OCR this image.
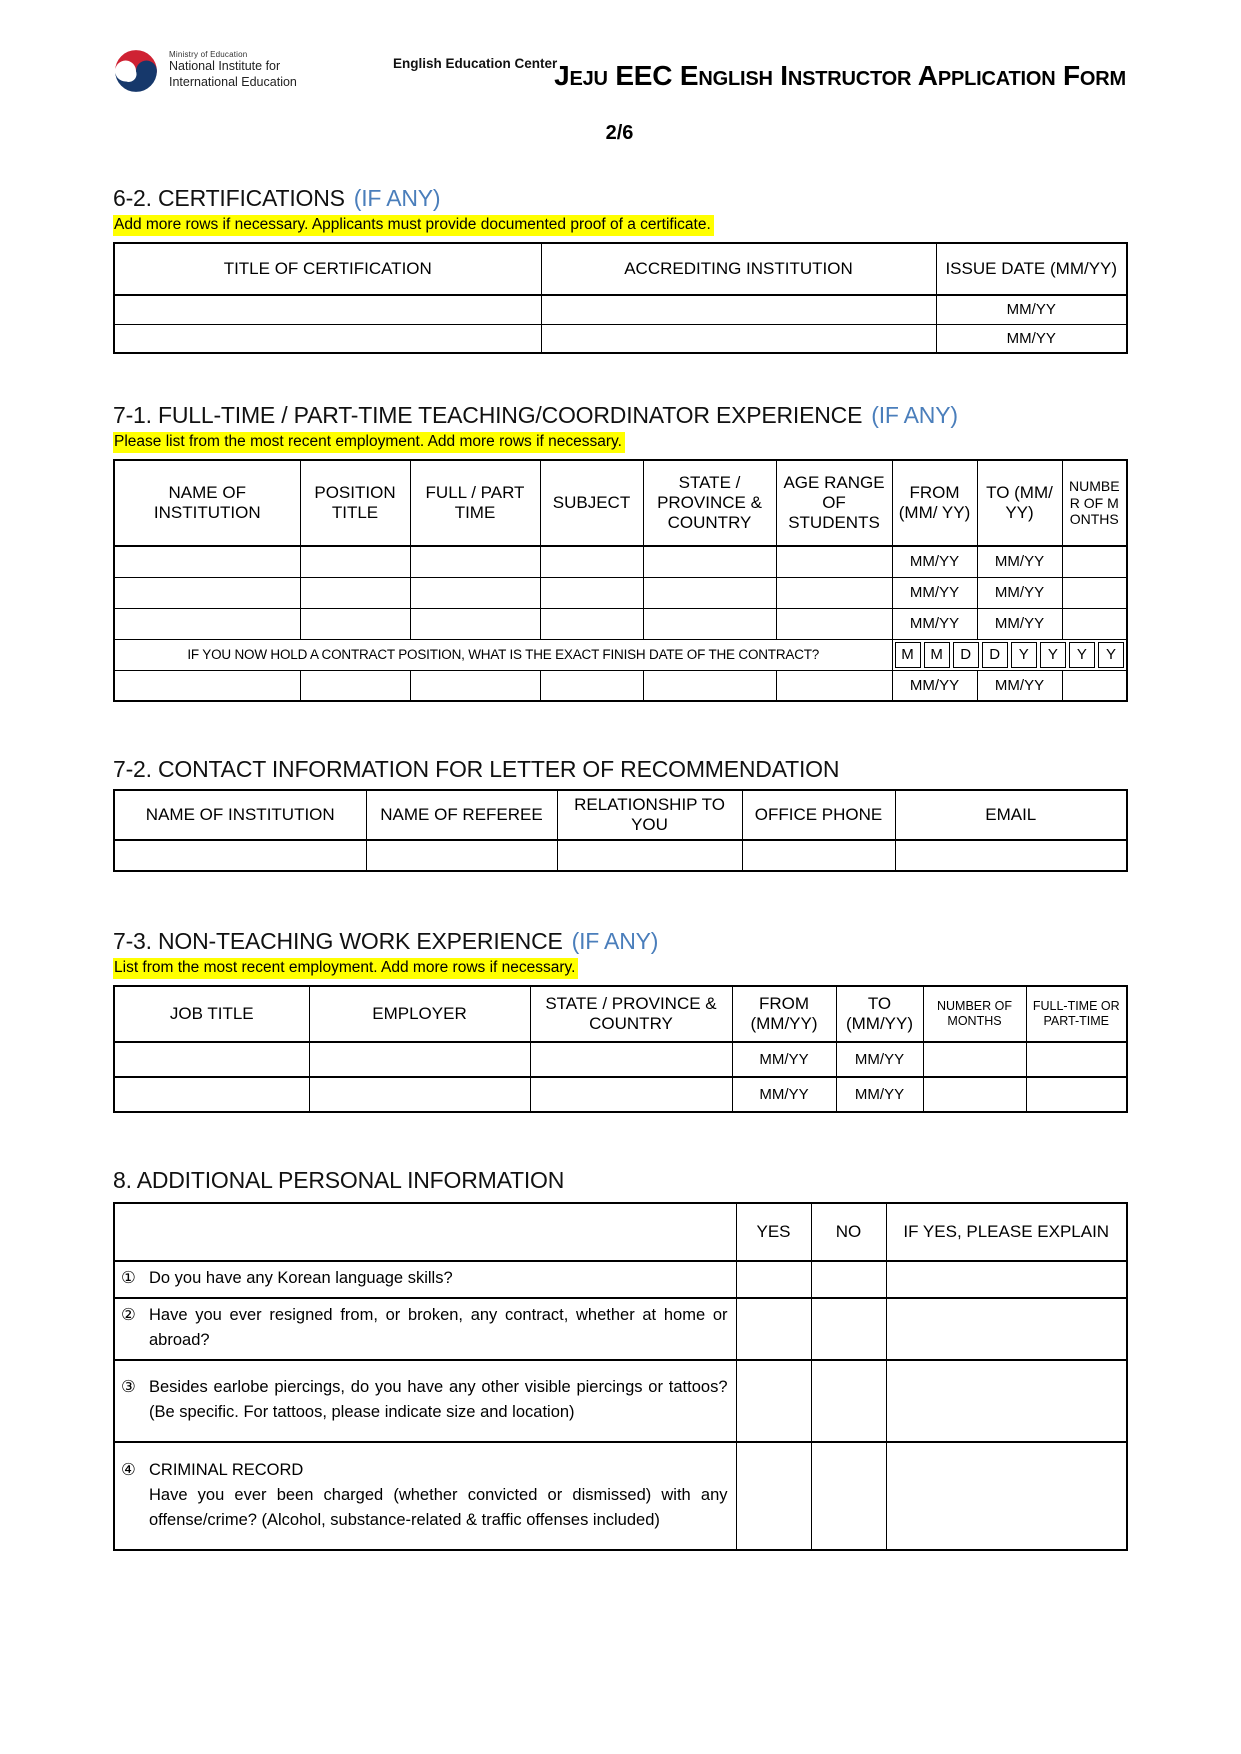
Ministry of Education
National Institute for
International Education
English Education Center
Jeju EEC English Instructor Application Form
2/6
6-2. CERTIFICATIONS (IF ANY)
Add more rows if necessary. Applicants must provide documented proof of a certificate.
TITLE OF CERTIFICATION	ACCREDITING INSTITUTION	ISSUE DATE (MM/YY)
		MM/YY
		MM/YY
7-1. FULL-TIME / PART-TIME TEACHING/COORDINATOR EXPERIENCE (IF ANY)
Please list from the most recent employment. Add more rows if necessary.
NAME OF INSTITUTION	POSITION TITLE	FULL / PART TIME	SUBJECT	STATE / PROVINCE & COUNTRY	AGE RANGE OF STUDENTS	FROM (MM/ YY)	TO (MM/ YY)	NUMBER OF MONTHS
						MM/YY	MM/YY	
						MM/YY	MM/YY	
						MM/YY	MM/YY	
IF YOU NOW HOLD A CONTRACT POSITION, WHAT IS THE EXACT FINISH DATE OF THE CONTRACT?	M	M	D	D	Y	Y	Y	Y

						MM/YY	MM/YY	
7-2. CONTACT INFORMATION FOR LETTER OF RECOMMENDATION
NAME OF INSTITUTION	NAME OF REFEREE	RELATIONSHIP TO YOU	OFFICE PHONE	EMAIL

7-3. NON-TEACHING WORK EXPERIENCE (IF ANY)
List from the most recent employment. Add more rows if necessary.
JOB TITLE	EMPLOYER	STATE / PROVINCE & COUNTRY	FROM (MM/YY)	TO (MM/YY)	NUMBER OF MONTHS	FULL-TIME OR PART-TIME
			MM/YY	MM/YY		
			MM/YY	MM/YY		
8. ADDITIONAL PERSONAL INFORMATION
	YES	NO	IF YES, PLEASE EXPLAIN

① Do you have any Korean language skills?			

② Have you ever resigned from, or broken, any contract, whether at home or abroad?			

③ Besides earlobe piercings, do you have any other visible piercings or tattoos? (Be specific. For tattoos, please indicate size and location)			

④ CRIMINAL RECORD
Have you ever been charged (whether convicted or dismissed) with any offense/crime? (Alcohol, substance-related & traffic offenses included)			
